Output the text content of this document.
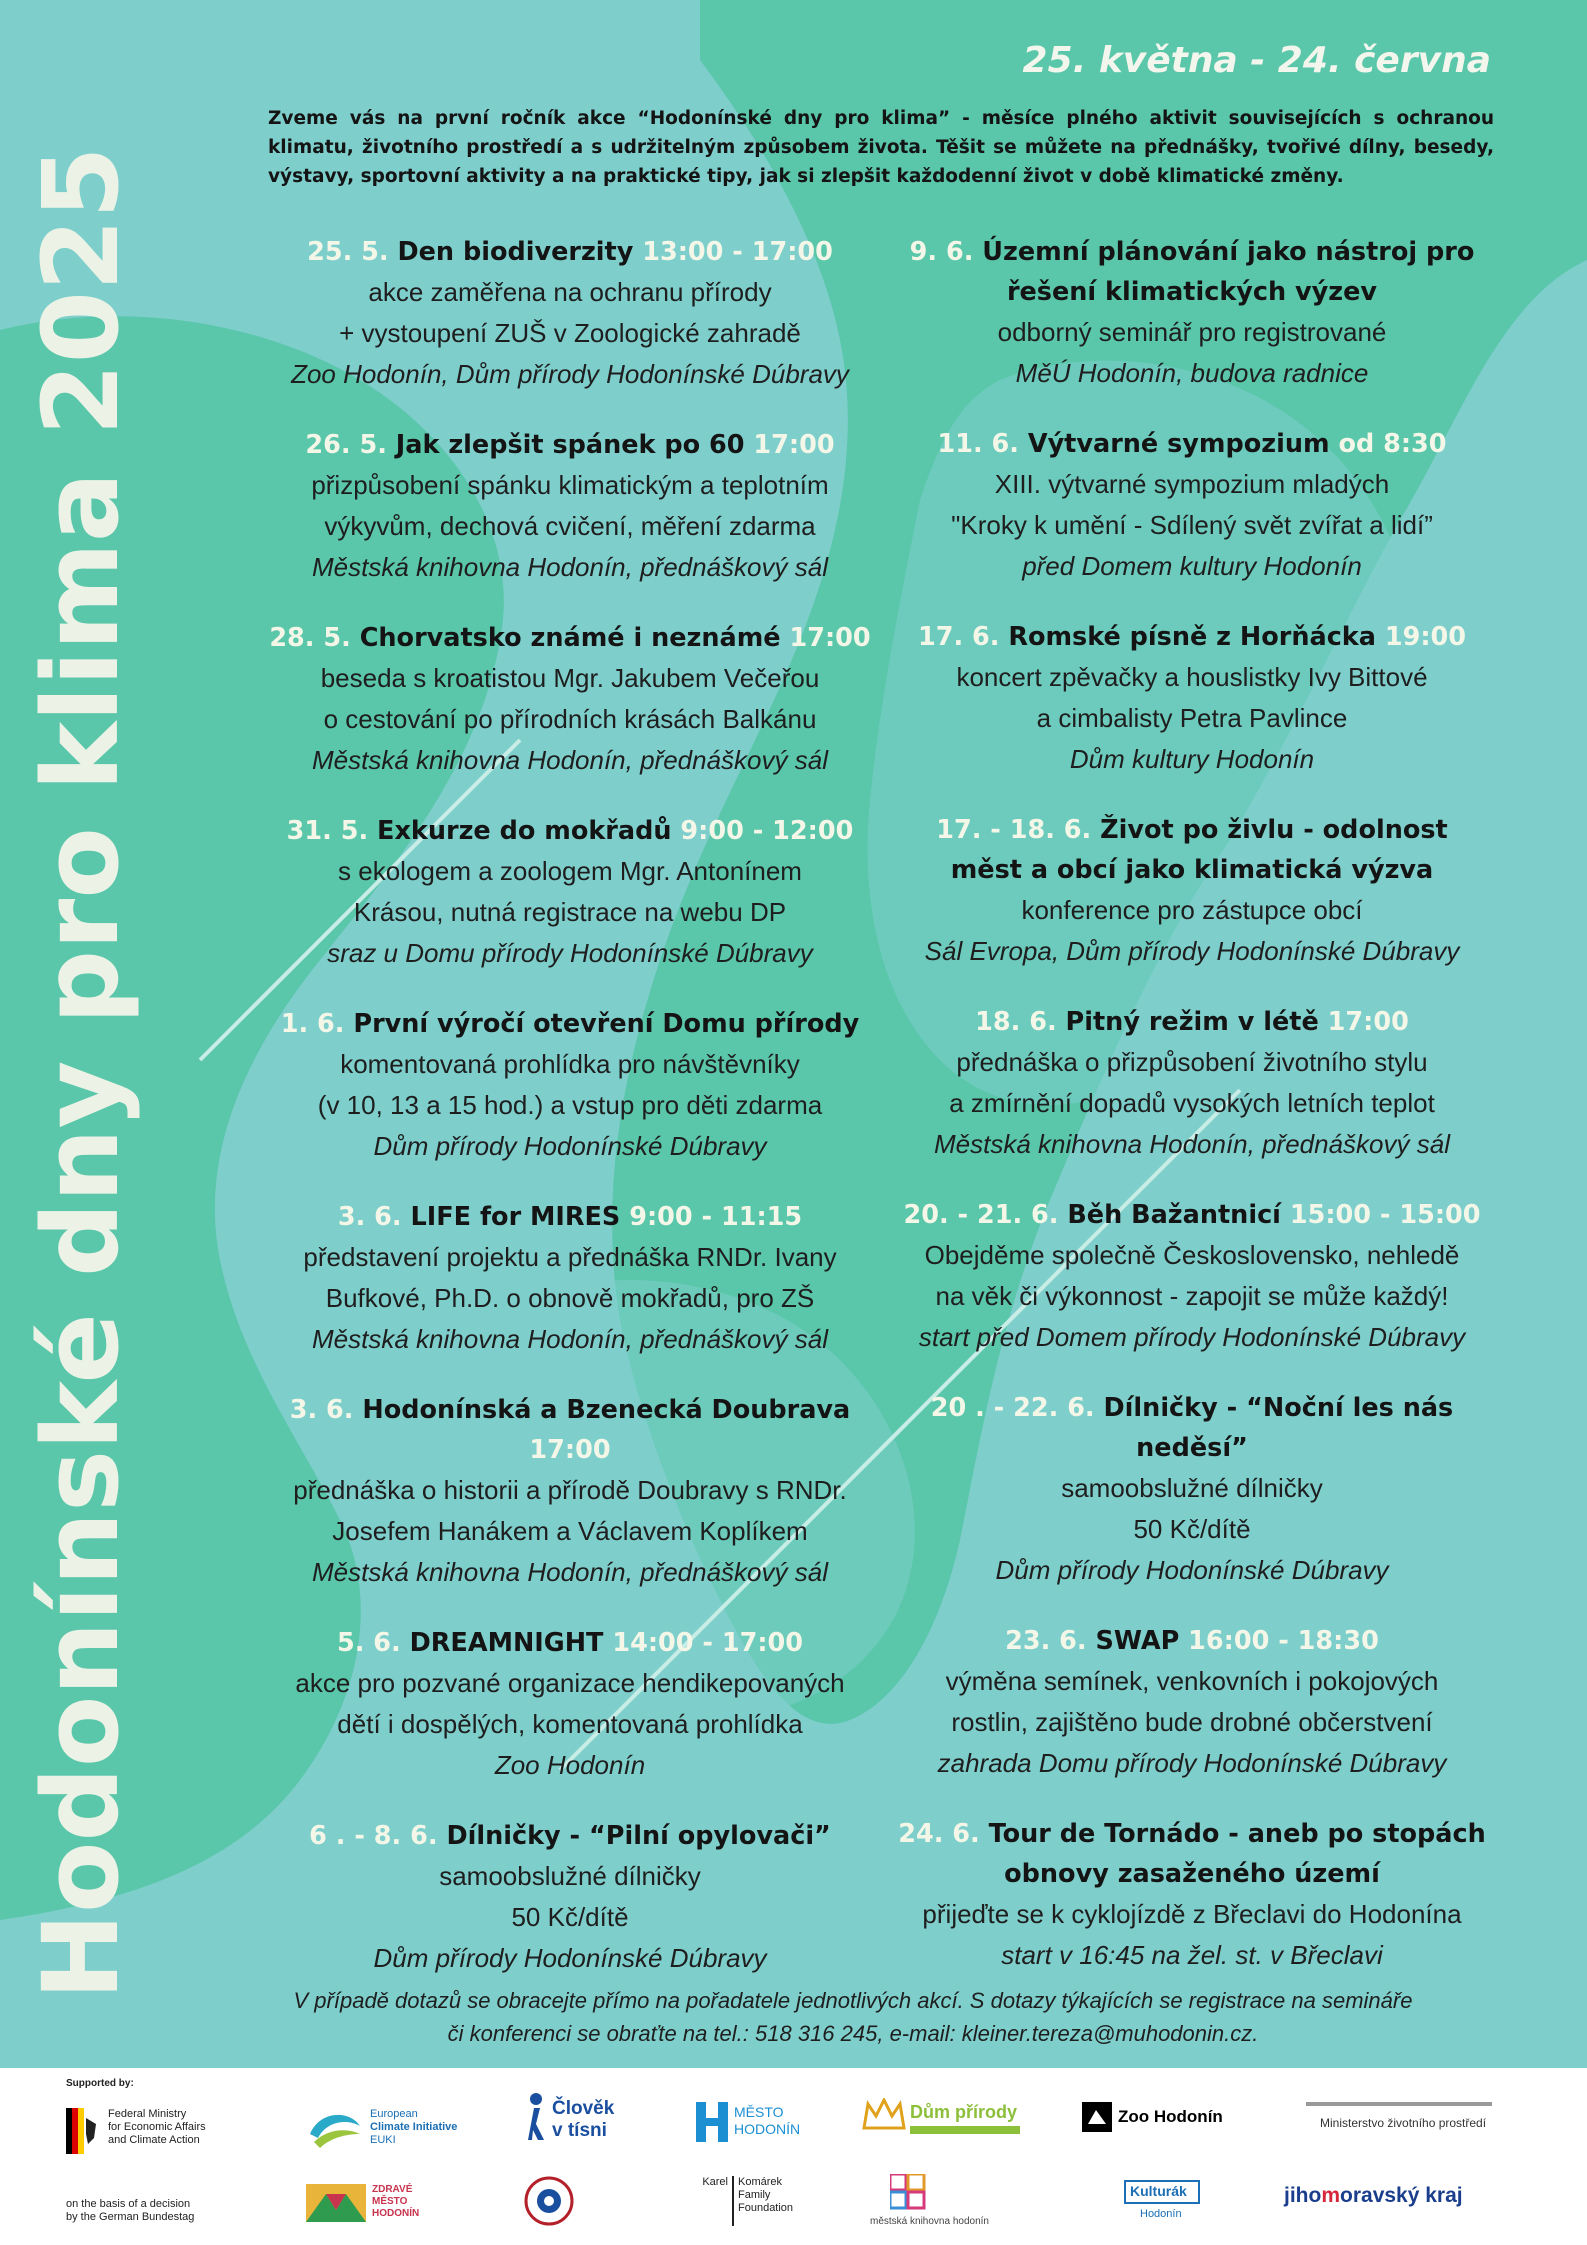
Hodonínské dny pro klima 2025
25. května - 24. června
Zveme vás na první ročník akce “Hodonínské dny pro klima” - měsíce plného aktivit souvisejících s ochranou klimatu, životního prostředí a s udržitelným způsobem života. Těšit se můžete na přednášky, tvořivé dílny, besedy, výstavy, sportovní aktivity a na praktické tipy, jak si zlepšit každodenní život v době klimatické změny.
25. 5. Den biodiverzity 13:00 - 17:00
akce zaměřena na ochranu přírody
+ vystoupení ZUŠ v Zoologické zahradě
Zoo Hodonín, Dům přírody Hodonínské Dúbravy
26. 5. Jak zlepšit spánek po 60 17:00
přizpůsobení spánku klimatickým a teplotním
výkyvům, dechová cvičení, měření zdarma
Městská knihovna Hodonín, přednáškový sál
28. 5. Chorvatsko známé i neznámé 17:00
beseda s kroatistou Mgr. Jakubem Večeřou
o cestování po přírodních krásách Balkánu
Městská knihovna Hodonín, přednáškový sál
31. 5. Exkurze do mokřadů 9:00 - 12:00
s ekologem a zoologem Mgr. Antonínem
Krásou, nutná registrace na webu DP
sraz u Domu přírody Hodonínské Dúbravy
1. 6. První výročí otevření Domu přírody
komentovaná prohlídka pro návštěvníky
(v 10, 13 a 15 hod.) a vstup pro děti zdarma
Dům přírody Hodonínské Dúbravy
3. 6. LIFE for MIRES 9:00 - 11:15
představení projektu a přednáška RNDr. Ivany
Bufkové, Ph.D. o obnově mokřadů, pro ZŠ
Městská knihovna Hodonín, přednáškový sál
3. 6. Hodonínská a Bzenecká Doubrava 17:00
přednáška o historii a přírodě Doubravy s RNDr.
Josefem Hanákem a Václavem Koplíkem
Městská knihovna Hodonín, přednáškový sál
5. 6. DREAMNIGHT 14:00 - 17:00
akce pro pozvané organizace hendikepovaných
dětí i dospělých, komentovaná prohlídka
Zoo Hodonín
6 . - 8. 6. Dílničky - “Pilní opylovači”
samoobslužné dílničky
50 Kč/dítě
Dům přírody Hodonínské Dúbravy
9. 6. Územní plánování jako nástroj pro
řešení klimatických výzev
odborný seminář pro registrované
MěÚ Hodonín, budova radnice
11. 6. Výtvarné sympozium od 8:30
XIII. výtvarné sympozium mladých
"Kroky k umění - Sdílený svět zvířat a lidí”
před Domem kultury Hodonín
17. 6. Romské písně z Horňácka 19:00
koncert zpěvačky a houslistky Ivy Bittové
a cimbalisty Petra Pavlince
Dům kultury Hodonín
17. - 18. 6. Život po živlu - odolnost
měst a obcí jako klimatická výzva
konference pro zástupce obcí
Sál Evropa, Dům přírody Hodonínské Dúbravy
18. 6. Pitný režim v létě 17:00
přednáška o přizpůsobení životního stylu
a zmírnění dopadů vysokých letních teplot
Městská knihovna Hodonín, přednáškový sál
20. - 21. 6. Běh Bažantnicí 15:00 - 15:00
Obejděme společně Československo, nehledě
na věk či výkonnost - zapojit se může každý!
start před Domem přírody Hodonínské Dúbravy
20 . - 22. 6. Dílničky - “Noční les nás neděsí”
samoobslužné dílničky
50 Kč/dítě
Dům přírody Hodonínské Dúbravy
23. 6. SWAP 16:00 - 18:30
výměna semínek, venkovních i pokojových
rostlin, zajištěno bude drobné občerstvení
zahrada Domu přírody Hodonínské Dúbravy
24. 6. Tour de Tornádo - aneb po stopách
obnovy zasaženého území
přijeďte se k cyklojízdě z Břeclavi do Hodonína
start v 16:45 na žel. st. v Břeclavi
V případě dotazů se obracejte přímo na pořadatele jednotlivých akcí. S dotazy týkajících se registrace na semináře
či konferenci se obraťte na tel.: 518 316 245, e-mail: kleiner.tereza@muhodonin.cz.
Supported by:
Federal Ministry
for Economic Affairs
and Climate Action
on the basis of a decision
by the German Bundestag
European
Climate Initiative
EUKI
Člověk
v tísni
MĚSTO
HODONÍN
Dům přírody	Zoo Hodonín	Ministerstvo životního prostředí
ZDRAVÉ
MĚSTO
HODONÍN
Karel Komárek
Family
Foundation
městská knihovna hodonín
Kulturák
Hodonín
jihomoravský kraj
